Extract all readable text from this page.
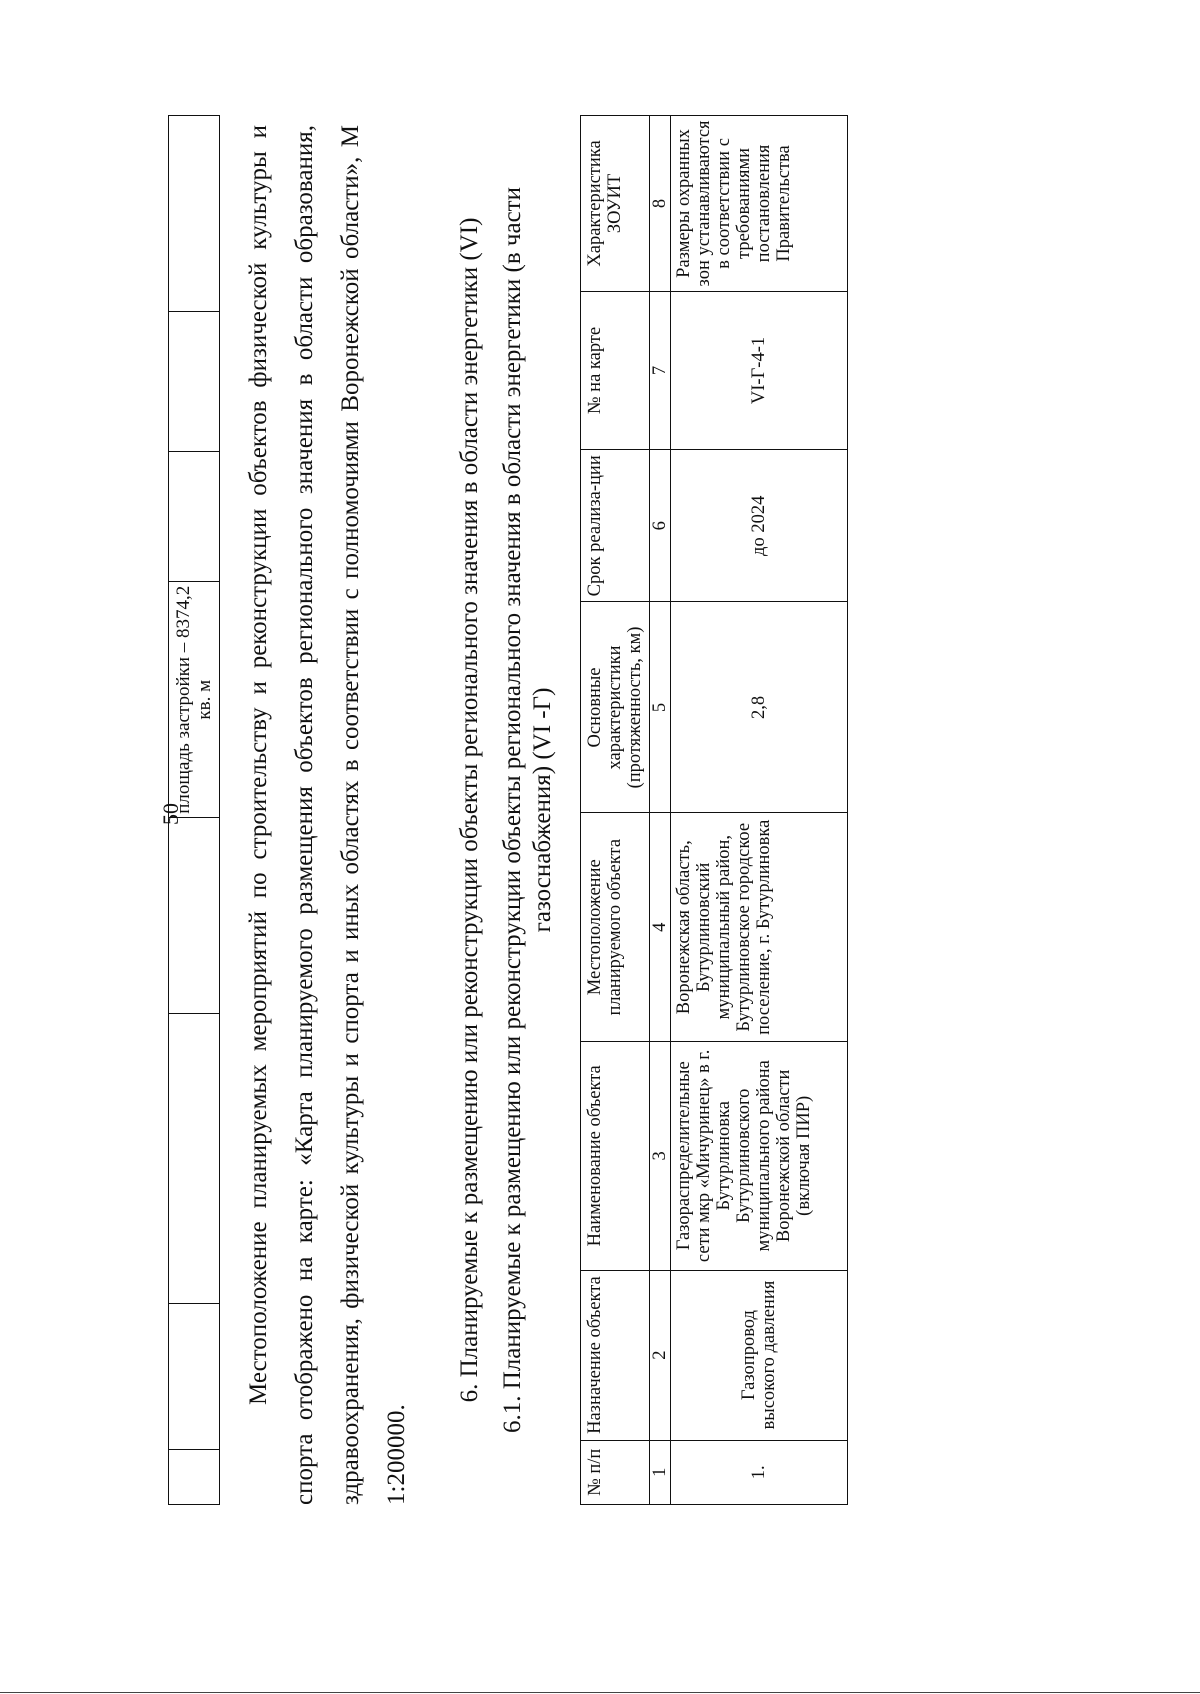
50
				площадь застройки – 8374,2 кв. м				Местоположение планируемых мероприятий по строительству и реконструкции объектов физической культуры и спорта отображено на карте: «Карта планируемого размещения объектов регионального значения в области образования, здравоохранения, физической культуры и спорта и иных областях в соответствии с полномочиями Воронежской области», М 1:200000.

6. Планируемые к размещению или реконструкции объекты регионального значения в области энергетики (VI) 6.1. Планируемые к размещению или реконструкции объекты регионального значения в области энергетики (в части газоснабжения) (VI -Г)
№ п/п	Назначение объекта	Наименование объекта	Местоположение планируемого объекта	Основные характеристики (протяженность, км)	Срок реализа-ции	№ на карте	Характеристика ЗОУИТ
1	2	3	4	5	6	7	8
1.	Газопровод высокого давления	Газораспределительные сети мкр «Мичуринец» в г. Бутурлиновка Бутурлиновского муниципального района Воронежской области (включая ПИР)	Воронежская область, Бутурлиновский муниципальный район, Бутурлиновское городское поселение, г. Бутурлиновка	2,8	до 2024	VI-Г-4-1	Размеры охранных зон устанавливаются в соответствии с требованиями постановления Правительства
